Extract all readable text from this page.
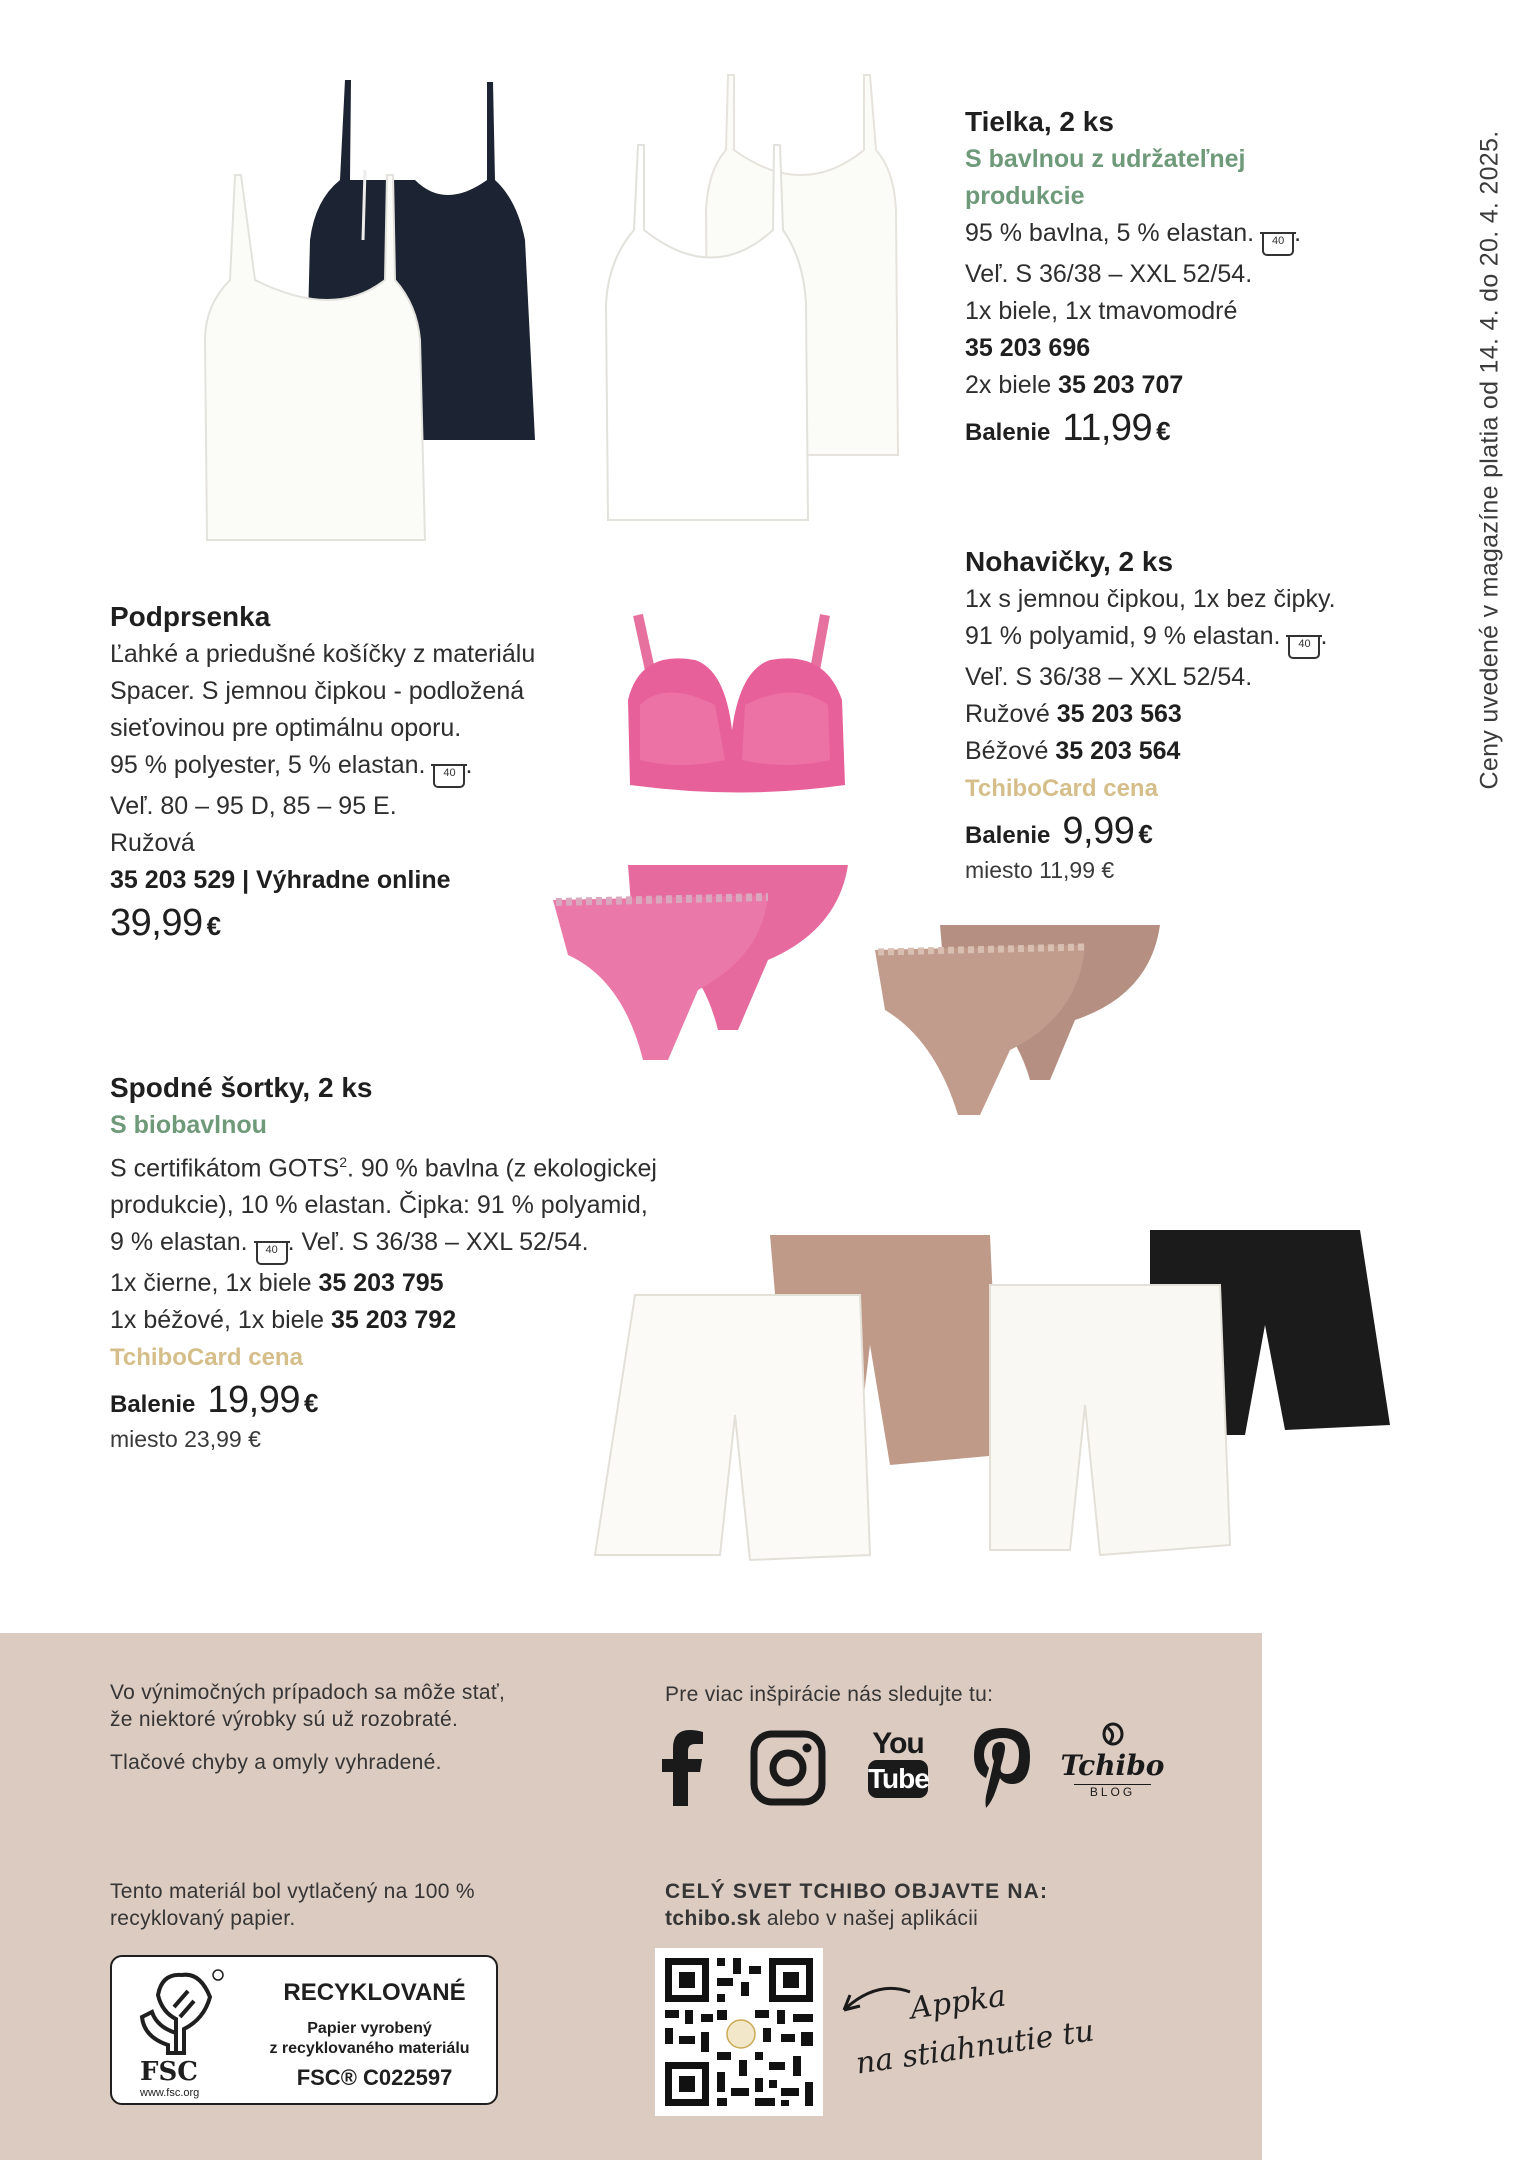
Ceny uvedené v magazíne platia od 14. 4. do 20. 4. 2025.
Tielka, 2 ks
S bavlnou z udržateľnej
produkcie
95 % bavlna, 5 % elastan. 40 .
Veľ. S 36/38 – XXL 52/54.
1x biele, 1x tmavomodré
35 203 696
2x biele 35 203 707
Balenie 11,99 €
Nohavičky, 2 ks
1x s jemnou čipkou, 1x bez čipky.
91 % polyamid, 9 % elastan. 40 .
Veľ. S 36/38 – XXL 52/54.
Ružové 35 203 563
Béžové 35 203 564
TchiboCard cena
Balenie 9,99 €
miesto 11,99 €
Podprsenka
Ľahké a priedušné košíčky z materiálu
Spacer. S jemnou čipkou - podložená
sieťovinou pre optimálnu oporu.
95 % polyester, 5 % elastan. 40 .
Veľ. 80 – 95 D, 85 – 95 E.
Ružová
35 203 529 | Výhradne online
39,99 €
Spodné šortky, 2 ks
S biobavlnou
S certifikátom GOTS$^2$. 90 % bavlna (z ekologickej
produkcie), 10 % elastan. Čipka: 91 % polyamid,
9 % elastan. 40 . Veľ. S 36/38 – XXL 52/54.
1x čierne, 1x biele 35 203 795
1x béžové, 1x biele 35 203 792
TchiboCard cena
Balenie 19,99 €
miesto 23,99 €
Vo výnimočných prípadoch sa môže stať,
že niektoré výrobky sú už rozobraté.
Tlačové chyby a omyly vyhradené.
Pre viac inšpirácie nás sledujte tu:
You
Tube	Tchibo
BLOG
Tento materiál bol vytlačený na 100 %
recyklovaný papier.
CELÝ SVET TCHIBO OBJAVTE NA:
tchibo.sk alebo v našej aplikácii
FSC
www.fsc.org
RECYKLOVANÉ
Papier vyrobený
z recyklovaného materiálu
FSC® C022597
Appka
na stiahnutie tu
